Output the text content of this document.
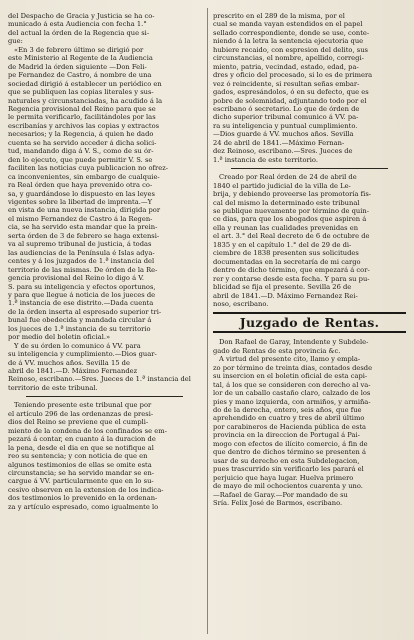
del Despacho de Gracia y Justicia se ha co-
municado á esta Audiencia con fecha 1.°
del actual la órden de la Regencia que si-
gue:

«En 3 de febrero último se dirigió por
este Ministerio al Regente de la Audiencia
de Madrid la órden siguiente —Don Feli-
pe Fernandez de Castro, á nombre de una
sociedad dirigió á establecer un periódico en
que se publiquen las copias literales y sus-
naturales y circunstanciadas, ha acudido á la
Regencia provisional del Reino para que se
le permita verificarlo, facilitándoles por las
escribanías y archivos las copias y extractos
necesarios; y la Regencia, á quien he dado
cuenta se ha servido acceder á dicha solici-
tud, mandando diga á V. S., como de su ór-
den lo ejecuto, que puede permitir V. S. se
faciliten las noticias cuya publicacion no ofrez-
ca inconvenientes, sin embargo de cualquie-
ra Real órden que haya prevenido otra co-
sa, y guardándose lo dispuesto en las leyes
vigentes sobre la libertad de imprenta.—Y
en vista de una nueva instancia, dirigida por
el mismo Fernandez de Castro á la Regen-
cia, se ha servido esta mandar que la prein-
serta órden de 3 de febrero se haga extensi-
va al supremo tribunal de justicia, á todas
las audiencias de la Península é Islas adya-
centes y á los juzgados de 1.ª instancia del
territorio de las mismas. De órden de la Re-
gencia provisional del Reino lo digo á V.
S. para su inteligencia y efectos oportunos,
y para que llegue á noticia de los jueces de
1.ª instancia de ese distrito.—Dada cuenta
de la órden inserta al espresado superior tri-
bunal fue obedecida y mandada circular á
los jueces de 1.ª instancia de su territorio
por medio del boletin oficial.»

Y de su órden lo comunico á VV. para
su inteligencia y cumplimiento.—Dios guar-
de á VV. muchos años. Sevilla 15 de
abril de 1841.—D. Máximo Fernandez
Reinoso, escribano.—Sres. Jueces de 1.ª instancia del
territorio de este tribunal.

Teniendo presente este tribunal que por
el artículo 296 de las ordenanzas de presi-
dios del Reino se previene que el cumpli-
miento de la condena de los confinados se em-
pezará á contar, en cuanto á la duracion de
la pena, desde el dia en que se notifique al
reo su sentencia; y con noticia de que en
algunos testimonios de ellas se omite esta
circunstancia; se ha servido mandar se en-
cargue á VV. particularmente que en lo su-
cesivo observen en la extension de los indica-
dos testimonios lo prevenido en la ordenan-
za y artículo espresado, como igualmente lo

prescrito en el 289 de la misma, por el
cual se manda vayan estendidos en el papel
sellado correspondiente, donde se use, conte-
niendo á la letra la sentencia ejecutoria que
hubiere recaido, con espresion del delito, sus
circunstancias, el nombre, apellido, corregi-
miento, patria, vecindad, estado, edad, pa-
dres y oficio del procesado, si lo es de primera
vez ó reincidente, si resultan señas embar-
gados, espresándolos, ó en su defecto, que es
pobre de solemnidad, adjuntando todo por el
escribano ó secretario. Lo que de órden de
dicho superior tribunal comunico á VV. pa-
ra su inteligencia y puntual cumplimiento.
—Dios guarde á VV. muchos años. Sevilla
24 de abril de 1841.—Máximo Fernan-
dez Reinoso, escribano.—Sres. Jueces de
1.ª instancia de este territorio.

Creado por Real órden de 24 de abril de
1840 el partido judicial de la villa de Le-
brija, y debiendo proveerse las promotoría fis-
cal del mismo la determinado este tribunal
se publique nuevamente por término de quin-
ce dias, para que los abogados que aspiren á
ella y reunan las cualidades prevenidas en
el art. 3.° del Real decreto de 6 de octubre de
1835 y en el capítulo 1.° del de 29 de di-
ciembre de 1838 presenten sus solicitudes
documentadas en la secretaría de mi cargo
dentro de dicho término, que empezará á cor-
rer y contarse desde esta fecha. Y para su pu-
blicidad se fija el presente. Sevilla 26 de
abril de 1841.—D. Máximo Fernandez Rei-
noso, escribano.

Juzgado de Rentas.

Don Rafael de Garay, Intendente y Subdele-
gado de Rentas de esta provincia &c.

A virtud del presente cito, llamo y empla-
zo por término de treinta dias, contados desde
su insercion en el boletin oficial de esta capi-
tal, á los que se consideren con derecho al va-
lor de un caballo castaño claro, calzado de los
pies y mano izquierda, con armiños, y armiña-
do de la derecha, entero, seis años, que fue
aprehendido en cuatro y tres de abril último
por carabineros de Hacienda pública de esta
provincia en la direccion de Portugal á Pai-
mogo con efectos de ilícito comercio, á fin de
que dentro de dichos término se presenten á
usar de su derecho en esta Subdelegacion,
pues trascurrido sin verificarlo les parará el
perjuicio que haya lugar. Huelva primero
de mayo de mil ochocientos cuarenta y uno.
—Rafael de Garay.—Por mandado de su
Sría. Felix José de Barmos, escribano.
